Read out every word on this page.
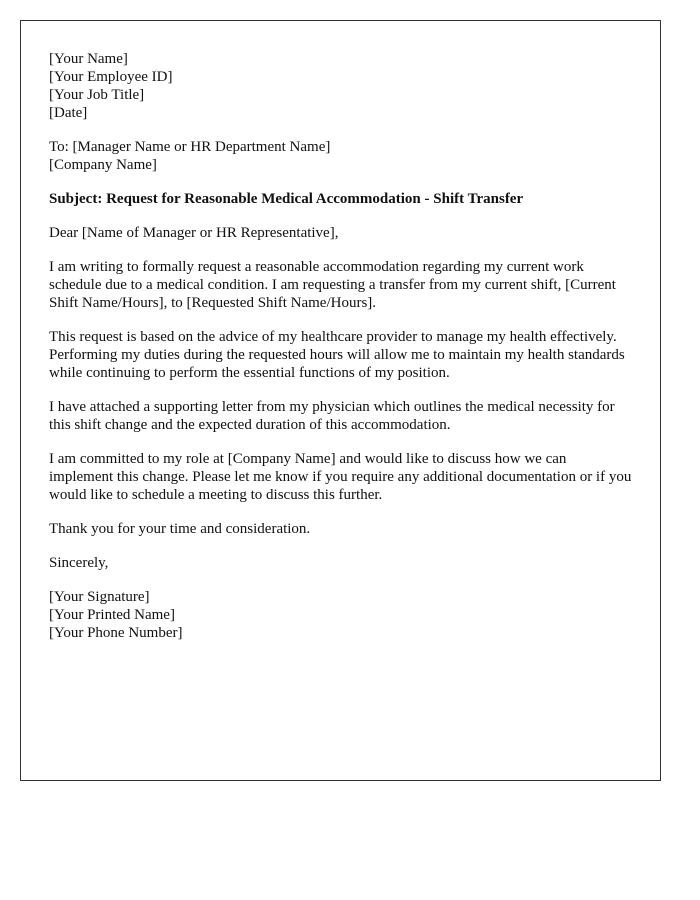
[Your Name]
[Your Employee ID]
[Your Job Title]
[Date]
To: [Manager Name or HR Department Name]
[Company Name]

Subject: Request for Reasonable Medical Accommodation - Shift Transfer

Dear [Name of Manager or HR Representative],

I am writing to formally request a reasonable accommodation regarding my current work schedule due to a medical condition. I am requesting a transfer from my current shift, [Current Shift Name/Hours], to [Requested Shift Name/Hours].

This request is based on the advice of my healthcare provider to manage my health effectively. Performing my duties during the requested hours will allow me to maintain my health standards while continuing to perform the essential functions of my position.

I have attached a supporting letter from my physician which outlines the medical necessity for this shift change and the expected duration of this accommodation.

I am committed to my role at [Company Name] and would like to discuss how we can implement this change. Please let me know if you require any additional documentation or if you would like to schedule a meeting to discuss this further.

Thank you for your time and consideration.

Sincerely,

[Your Signature]
[Your Printed Name]
[Your Phone Number]
